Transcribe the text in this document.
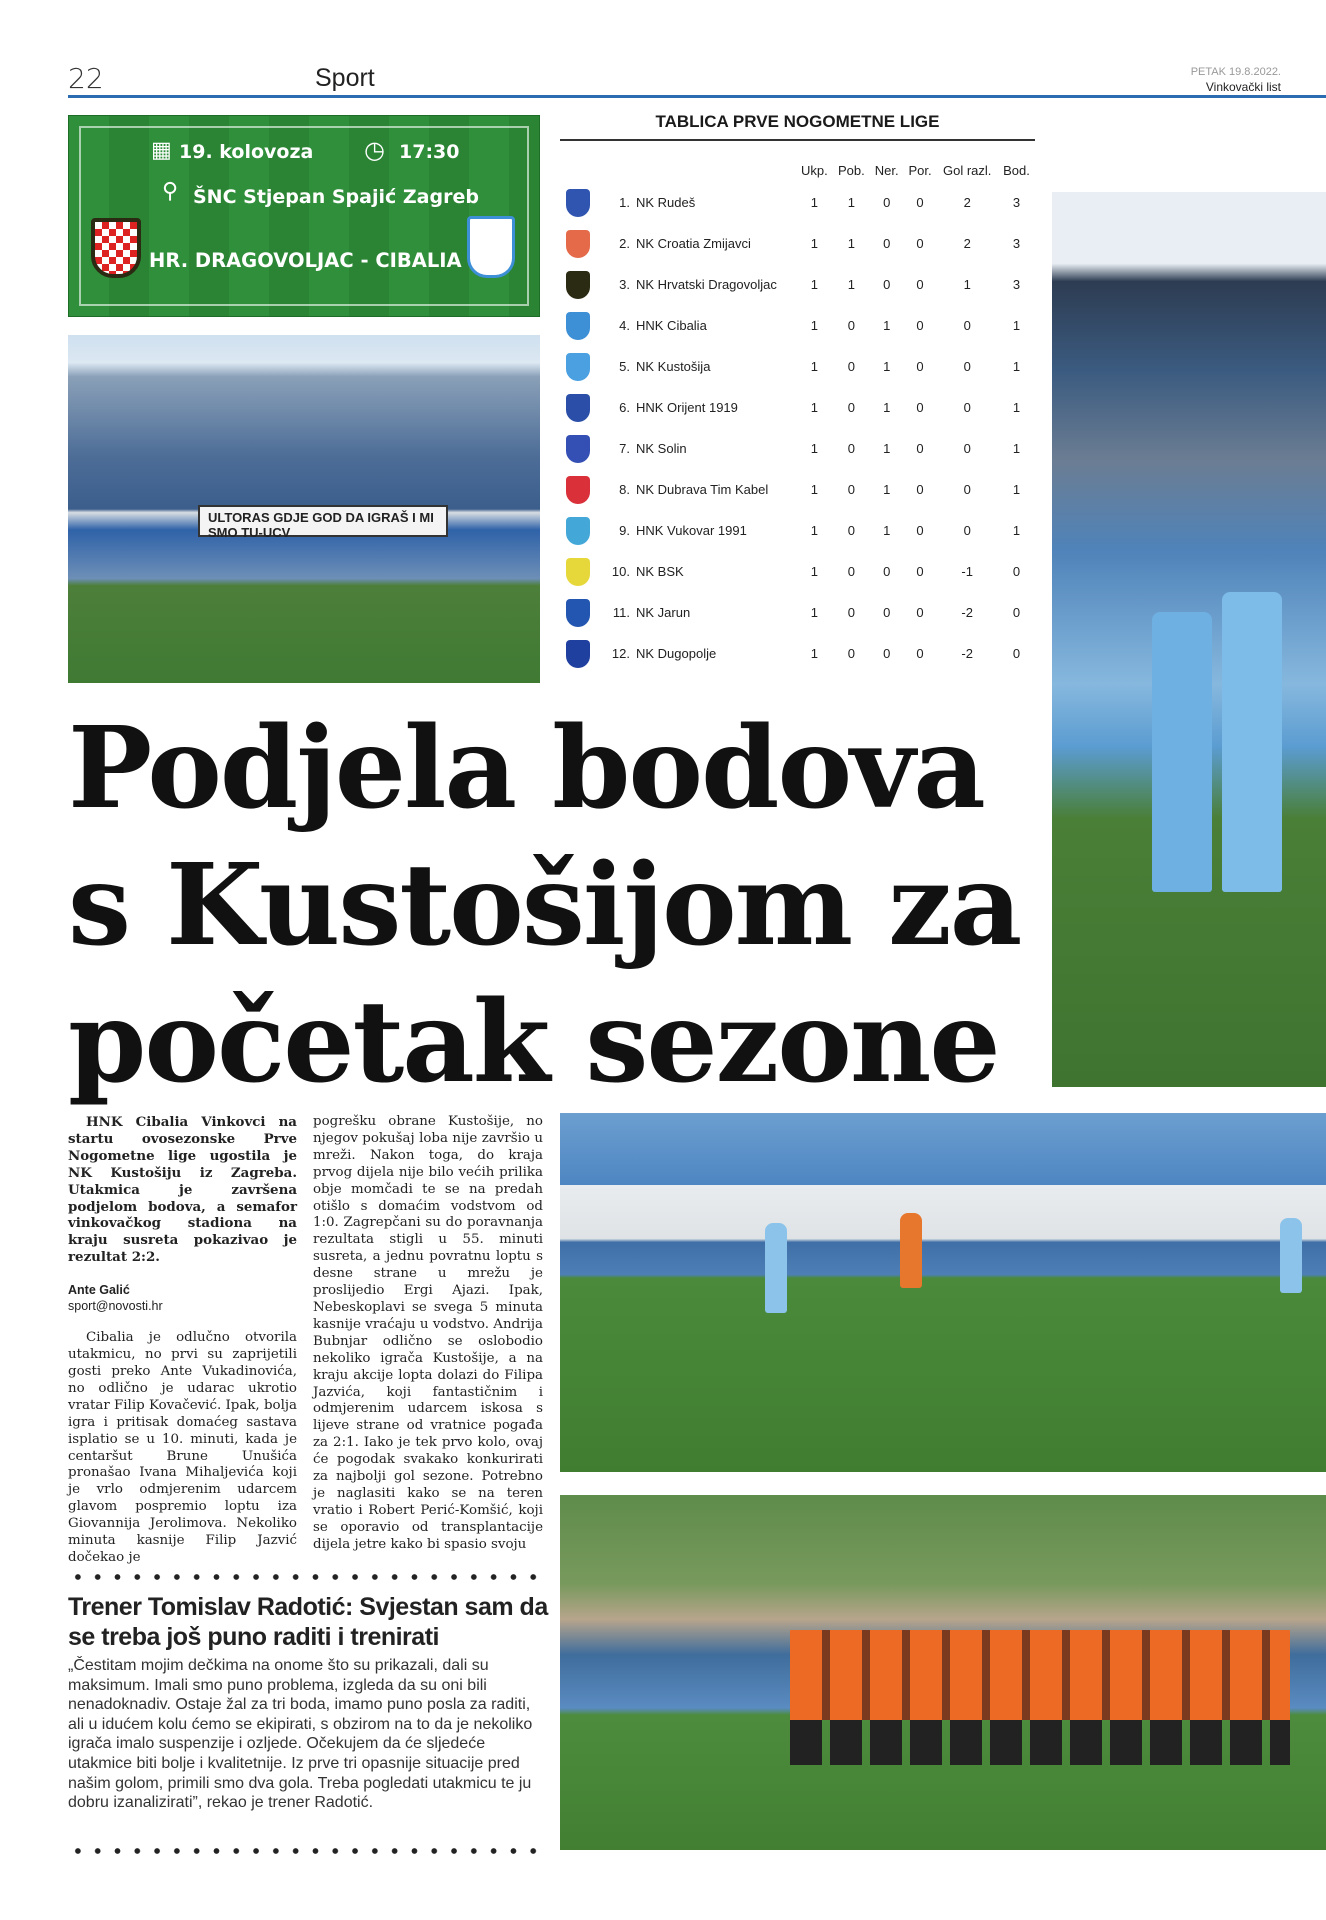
22	Sport	PETAK 19.8.2022.
Vinkovački list
▦ 19. kolovoza ◷ 17:30
⚲ ŠNC Stjepan Spajić Zagreb
HR. DRAGOVOLJAC - CIBALIA
ULTORAS GDJE GOD DA IGRAŠ I MI SMO TU-UCV
TABLICA PRVE NOGOMETNE LIGE
			Ukp.	Pob.	Ner.	Por.	Gol razl.	Bod.
	1.	NK Rudeš	1	1	0	0	2	3
	2.	NK Croatia Zmijavci	1	1	0	0	2	3
	3.	NK Hrvatski Dragovoljac	1	1	0	0	1	3
	4.	HNK Cibalia	1	0	1	0	0	1
	5.	NK Kustošija	1	0	1	0	0	1
	6.	HNK Orijent 1919	1	0	1	0	0	1
	7.	NK Solin	1	0	1	0	0	1
	8.	NK Dubrava Tim Kabel	1	0	1	0	0	1
	9.	HNK Vukovar 1991	1	0	1	0	0	1
	10.	NK BSK	1	0	0	0	-1	0
	11.	NK Jarun	1	0	0	0	-2	0
	12.	NK Dugopolje	1	0	0	0	-2	0
Podjela bodova s Kustošijom za početak sezone

HNK Cibalia Vinkovci na startu ovosezonske Prve Nogometne lige ugostila je NK Kustošiju iz Zagreba. Utakmica je završena podjelom bodova, a semafor vinkovačkog stadiona na kraju susreta pokazivao je rezultat 2:2.

Ante Galić

sport@novosti.hr

Cibalia je odlučno otvorila utakmicu, no prvi su zaprijetili gosti preko Ante Vukadinovića, no odlično je udarac ukrotio vratar Filip Kovačević. Ipak, bolja igra i pritisak domaćeg sastava isplatio se u 10. minuti, kada je centaršut Brune Unušića pronašao Ivana Mihaljevića koji je vrlo odmjerenim udarcem glavom pospremio loptu iza Giovannija Jerolimova. Nekoliko minuta kasnije Filip Jazvić dočekao je

pogrešku obrane Kustošije, no njegov pokušaj loba nije završio u mreži. Nakon toga, do kraja prvog dijela nije bilo većih prilika obje momčadi te se na predah otišlo s domaćim vodstvom od 1:0. Zagrepčani su do poravnanja rezultata stigli u 55. minuti susreta, a jednu povratnu loptu s desne strane u mrežu je proslijedio Ergi Ajazi. Ipak, Nebeskoplavi se svega 5 minuta kasnije vraćaju u vodstvo. Andrija Bubnjar odlično se oslobodio nekoliko igrača Kustošije, a na kraju akcije lopta dolazi do Filipa Jazvića, koji fantastičnim i odmjerenim udarcem iskosa s lijeve strane od vratnice pogađa za 2:1. Iako je tek prvo kolo, ovaj će pogodak svakako konkurirati za najbolji gol sezone. Potrebno je naglasiti kako se na teren vratio i Robert Perić-Komšić, koji se oporavio od transplantacije dijela jetre kako bi spasio svoju

Trener Tomislav Radotić: Svjestan sam da se treba još puno raditi i trenirati
„Čestitam mojim dečkima na onome što su prikazali, dali su maksimum. Imali smo puno problema, izgleda da su oni bili nenadoknadiv. Ostaje žal za tri boda, imamo puno posla za raditi, ali u idućem kolu ćemo se ekipirati, s obzirom na to da je nekoliko igrača imalo suspenzije i ozljede. Očekujem da će sljedeće utakmice biti bolje i kvalitetnije. Iz prve tri opasnije situacije pred našim golom, primili smo dva gola. Treba pogledati utakmicu te ju dobru izanalizirati”, rekao je trener Radotić.
